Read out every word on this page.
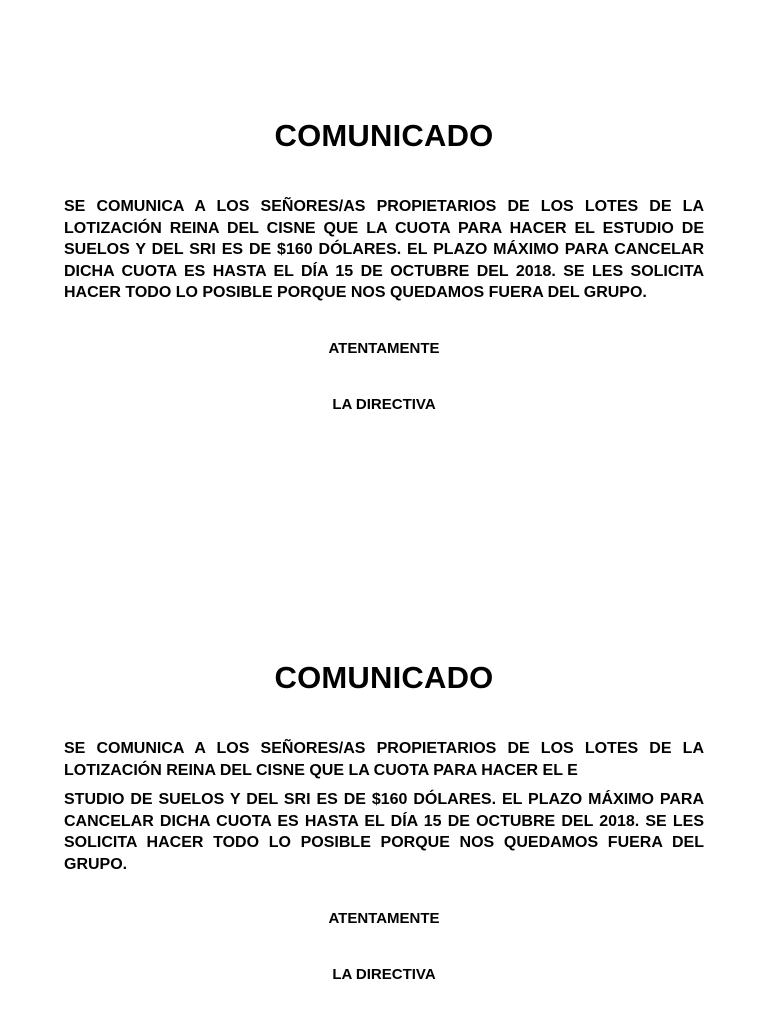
COMUNICADO

SE COMUNICA A LOS SEÑORES/AS PROPIETARIOS DE LOS LOTES DE LA LOTIZACIÓN REINA DEL CISNE QUE LA CUOTA PARA HACER EL ESTUDIO DE SUELOS Y DEL SRI ES DE $160 DÓLARES. EL PLAZO MÁXIMO PARA CANCELAR DICHA CUOTA ES HASTA EL DÍA 15 DE OCTUBRE DEL 2018. SE LES SOLICITA HACER TODO LO POSIBLE PORQUE NOS QUEDAMOS FUERA DEL GRUPO.

ATENTAMENTE

LA DIRECTIVA

COMUNICADO

SE COMUNICA A LOS SEÑORES/AS PROPIETARIOS DE LOS LOTES DE LA LOTIZACIÓN REINA DEL CISNE QUE LA CUOTA PARA HACER EL E

STUDIO DE SUELOS Y DEL SRI ES DE $160 DÓLARES. EL PLAZO MÁXIMO PARA CANCELAR DICHA CUOTA ES HASTA EL DÍA 15 DE OCTUBRE DEL 2018. SE LES SOLICITA HACER TODO LO POSIBLE PORQUE NOS QUEDAMOS FUERA DEL GRUPO.

ATENTAMENTE

LA DIRECTIVA
